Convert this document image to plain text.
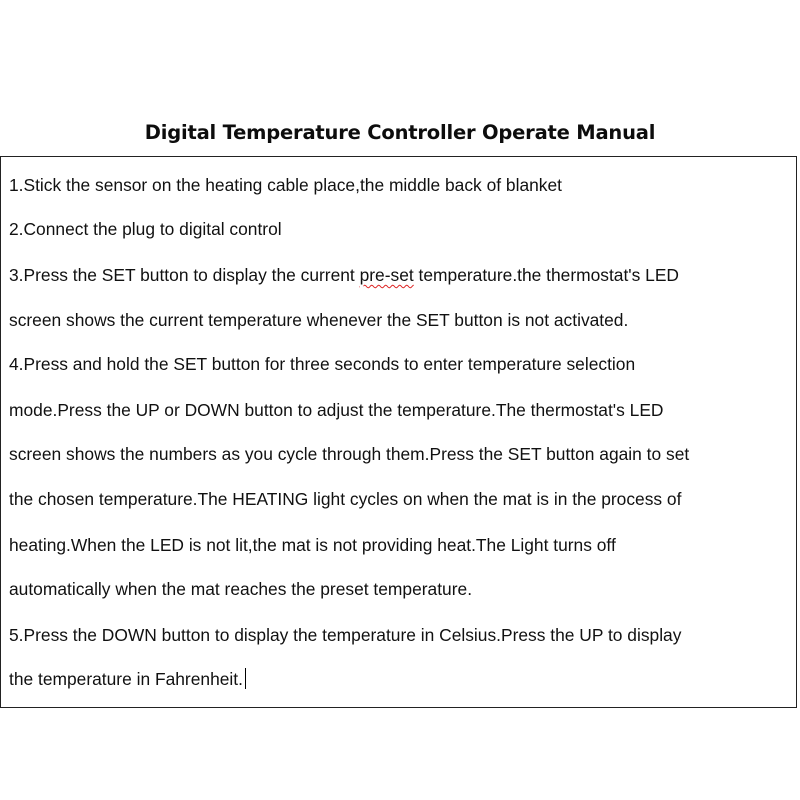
Digital Temperature Controller Operate Manual
1.Stick the sensor on the heating cable place,the middle back of blanket
2.Connect the plug to digital control
3.Press the SET button to display the current pre-set temperature.the thermostat's LED
screen shows the current temperature whenever the SET button is not activated.
4.Press and hold the SET button for three seconds to enter temperature selection
mode.Press the UP or DOWN button to adjust the temperature.The thermostat's LED
screen shows the numbers as you cycle through them.Press the SET button again to set
the chosen temperature.The HEATING light cycles on when the mat is in the process of
heating.When the LED is not lit,the mat is not providing heat.The Light turns off
automatically when the mat reaches the preset temperature.
5.Press the DOWN button to display the temperature in Celsius.Press the UP to display
the temperature in Fahrenheit.
